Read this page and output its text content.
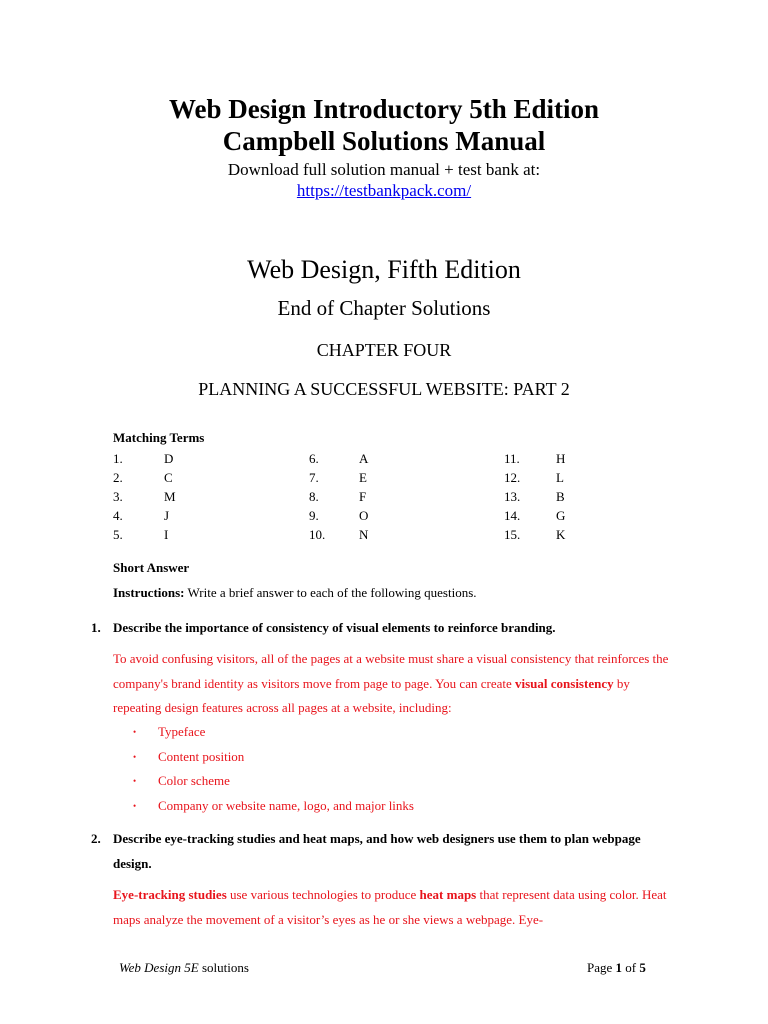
Web Design Introductory 5th Edition
Campbell Solutions Manual
Download full solution manual + test bank at:
https://testbankpack.com/
Web Design, Fifth Edition
End of Chapter Solutions
CHAPTER FOUR
PLANNING A SUCCESSFUL WEBSITE: PART 2
Matching Terms
1.	D	6.	A	11.	H
2.	C	7.	E	12.	L
3.	M	8.	F	13.	B
4.	J	9.	O	14.	G
5.	I	10.	N	15.	K
Short Answer
Instructions: Write a brief answer to each of the following questions.
1. Describe the importance of consistency of visual elements to reinforce branding.
To avoid confusing visitors, all of the pages at a website must share a visual consistency that reinforces the company's brand identity as visitors move from page to page. You can create visual consistency by repeating design features across all pages at a website, including:
• Typeface
• Content position
• Color scheme
• Company or website name, logo, and major links
2. Describe eye-tracking studies and heat maps, and how web designers use them to plan webpage design.
Eye-tracking studies use various technologies to produce heat maps that represent data using color. Heat maps analyze the movement of a visitor’s eyes as he or she views a webpage. Eye-
Web Design 5E solutions	Page 1 of 5
